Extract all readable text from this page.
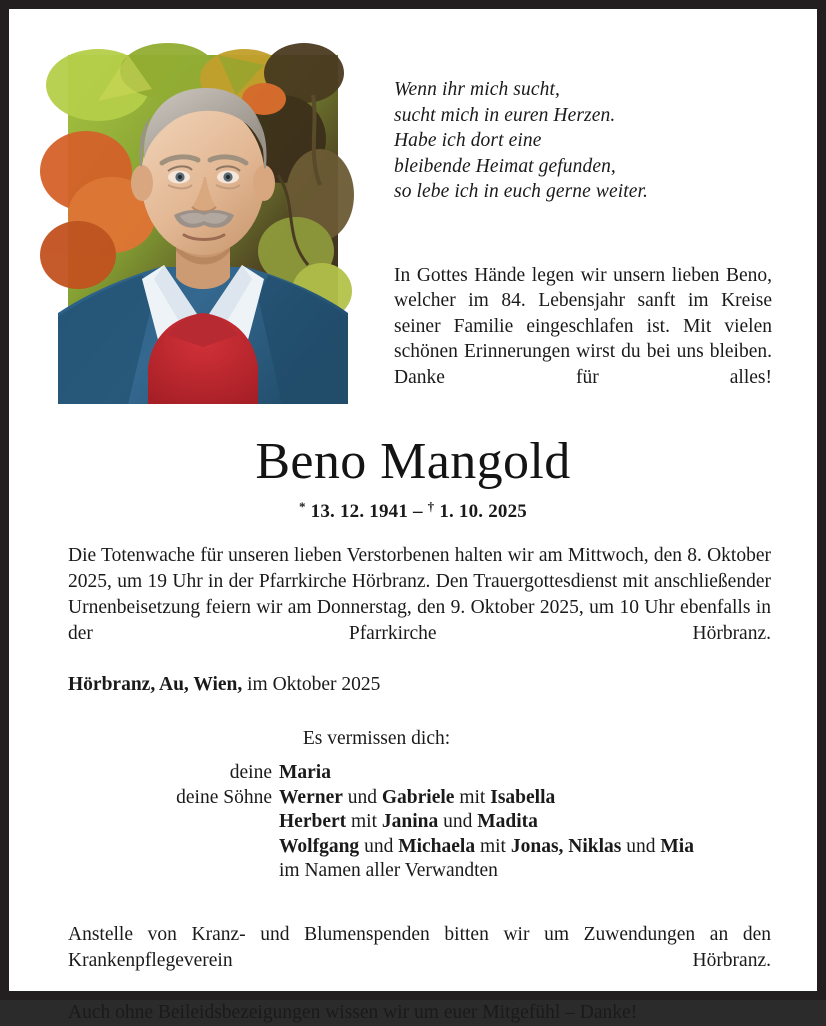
Wenn ihr mich sucht,
sucht mich in euren Herzen.
Habe ich dort eine
bleibende Heimat gefunden,
so lebe ich in euch gerne weiter.
In Gottes Hände legen wir unsern lieben Beno, welcher im 84. Lebensjahr sanft im Kreise seiner Familie eingeschlafen ist. Mit vielen schönen Erinnerungen wirst du bei uns bleiben. Danke für alles!
Beno Mangold
* 13. 12. 1941 – † 1. 10. 2025

Die Totenwache für unseren lieben Verstorbenen halten wir am Mittwoch, den 8. Oktober 2025, um 19 Uhr in der Pfarrkirche Hörbranz. Den Trauergottesdienst mit anschließender Urnenbeisetzung feiern wir am Donnerstag, den 9. Oktober 2025, um 10 Uhr ebenfalls in der Pfarrkirche Hörbranz.

Hörbranz, Au, Wien, im Oktober 2025
Es vermissen dich:
deine Maria
deine Söhne Werner und Gabriele mit Isabella
Herbert mit Janina und Madita
Wolfgang und Michaela mit Jonas, Niklas und Mia
im Namen aller Verwandten

Anstelle von Kranz- und Blumenspenden bitten wir um Zuwendungen an den Krankenpflegeverein Hörbranz.

Auch ohne Beileidsbezeigungen wissen wir um euer Mitgefühl – Danke!
